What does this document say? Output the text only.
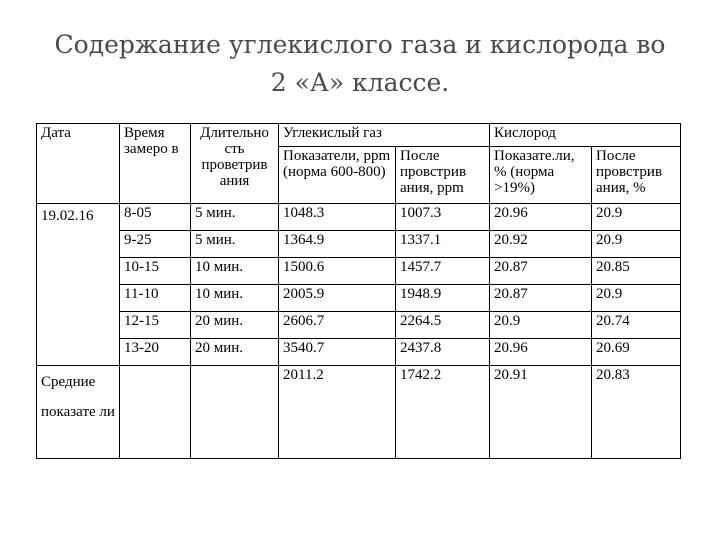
Содержание углекислого газа и кислорода во
2 «А» классе.
Дата	Время замеро в	Длительно сть проветрив ания	Углекислый газ		Кислород	
			Показатели, ppm (норма 600-800)	После провстрив ания, ppm	Показате.ли, % (норма >19%)	После провстрив ания, %
19.02.16	8-05	5 мин.	1048.3	1007.3	20.96	20.9
	9-25	5 мин.	1364.9	1337.1	20.92	20.9
	10-15	10 мин.	1500.6	1457.7	20.87	20.85
	11-10	10 мин.	2005.9	1948.9	20.87	20.9
	12-15	20 мин.	2606.7	2264.5	20.9	20.74
	13-20	20 мин.	3540.7	2437.8	20.96	20.69
Средние показате ли			2011.2	1742.2	20.91	20.83
